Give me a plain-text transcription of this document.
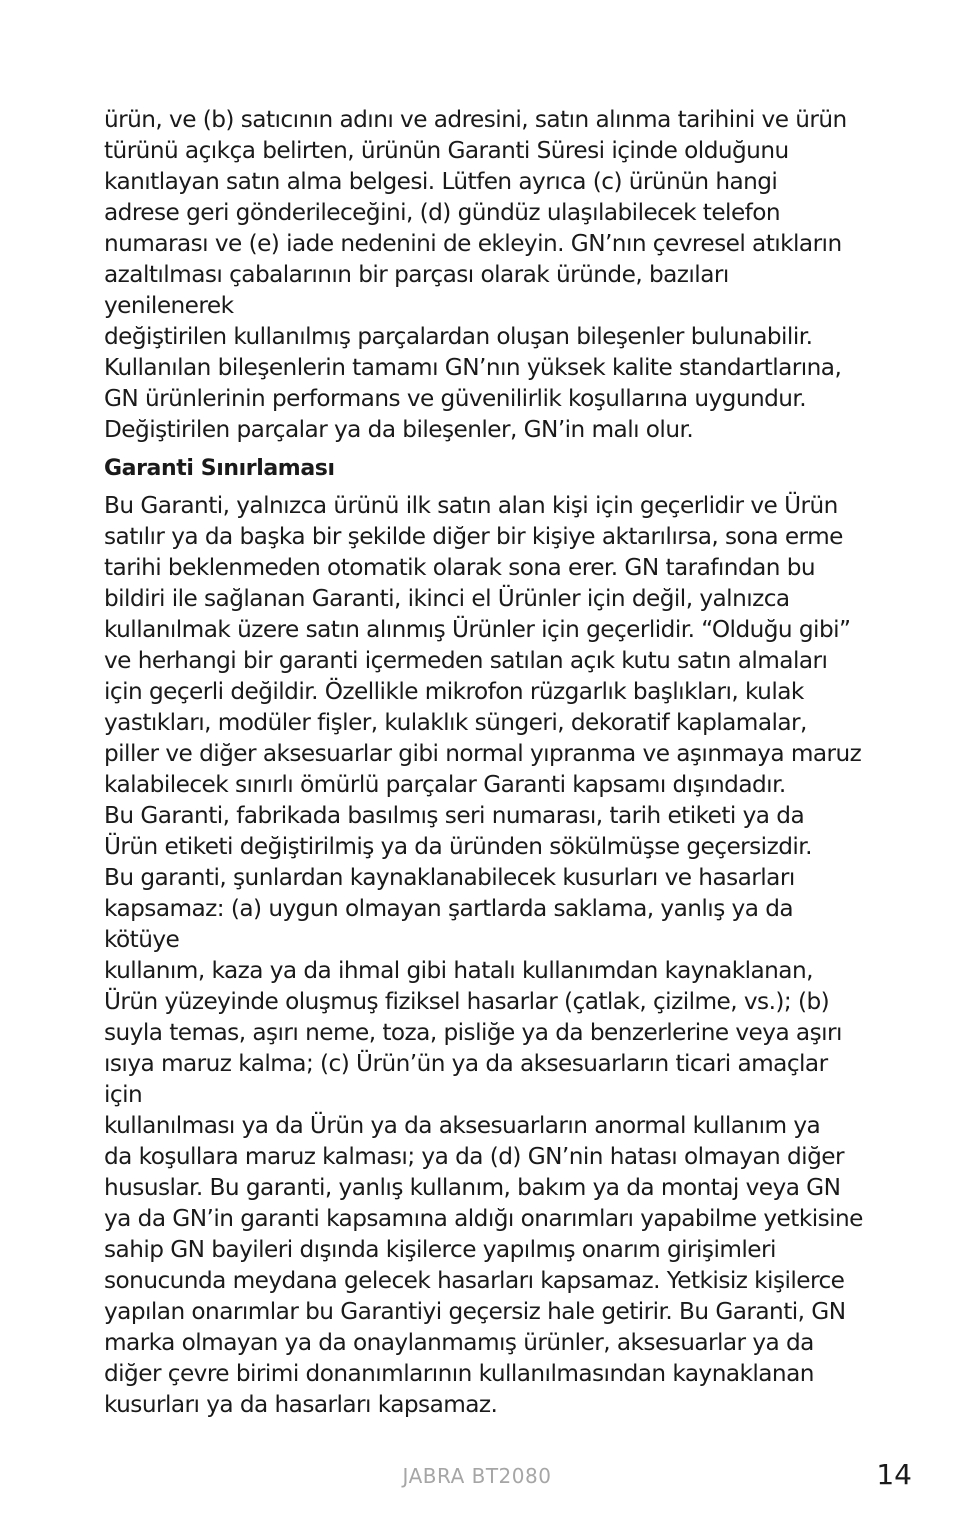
ürün, ve (b) satıcının adını ve adresini, satın alınma tarihini ve ürün
türünü açıkça belirten, ürünün Garanti Süresi içinde olduğunu
kanıtlayan satın alma belgesi. Lütfen ayrıca (c) ürünün hangi
adrese geri gönderileceğini, (d) gündüz ulaşılabilecek telefon
numarası ve (e) iade nedenini de ekleyin. GN’nın çevresel atıkların
azaltılması çabalarının bir parçası olarak üründe, bazıları yenilenerek
değiştirilen kullanılmış parçalardan oluşan bileşenler bulunabilir.
Kullanılan bileşenlerin tamamı GN’nın yüksek kalite standartlarına,
GN ürünlerinin performans ve güvenilirlik koşullarına uygundur.
Değiştirilen parçalar ya da bileşenler, GN’in malı olur.

Garanti Sınırlaması

Bu Garanti, yalnızca ürünü ilk satın alan kişi için geçerlidir ve Ürün
satılır ya da başka bir şekilde diğer bir kişiye aktarılırsa, sona erme
tarihi beklenmeden otomatik olarak sona erer. GN tarafından bu
bildiri ile sağlanan Garanti, ikinci el Ürünler için değil, yalnızca
kullanılmak üzere satın alınmış Ürünler için geçerlidir. “Olduğu gibi”
ve herhangi bir garanti içermeden satılan açık kutu satın almaları
için geçerli değildir. Özellikle mikrofon rüzgarlık başlıkları, kulak
yastıkları, modüler fişler, kulaklık süngeri, dekoratif kaplamalar,
piller ve diğer aksesuarlar gibi normal yıpranma ve aşınmaya maruz
kalabilecek sınırlı ömürlü parçalar Garanti kapsamı dışındadır.
Bu Garanti, fabrikada basılmış seri numarası, tarih etiketi ya da
Ürün etiketi değiştirilmiş ya da üründen sökülmüşse geçersizdir.
Bu garanti, şunlardan kaynaklanabilecek kusurları ve hasarları
kapsamaz: (a) uygun olmayan şartlarda saklama, yanlış ya da kötüye
kullanım, kaza ya da ihmal gibi hatalı kullanımdan kaynaklanan,
Ürün yüzeyinde oluşmuş fiziksel hasarlar (çatlak, çizilme, vs.); (b)
suyla temas, aşırı neme, toza, pisliğe ya da benzerlerine veya aşırı
ısıya maruz kalma; (c) Ürün’ün ya da aksesuarların ticari amaçlar için
kullanılması ya da Ürün ya da aksesuarların anormal kullanım ya
da koşullara maruz kalması; ya da (d) GN’nin hatası olmayan diğer
hususlar. Bu garanti, yanlış kullanım, bakım ya da montaj veya GN
ya da GN’in garanti kapsamına aldığı onarımları yapabilme yetkisine
sahip GN bayileri dışında kişilerce yapılmış onarım girişimleri
sonucunda meydana gelecek hasarları kapsamaz. Yetkisiz kişilerce
yapılan onarımlar bu Garantiyi geçersiz hale getirir. Bu Garanti, GN
marka olmayan ya da onaylanmamış ürünler, aksesuarlar ya da
diğer çevre birimi donanımlarının kullanılmasından kaynaklanan
kusurları ya da hasarları kapsamaz.

JABRA BT2080	14
